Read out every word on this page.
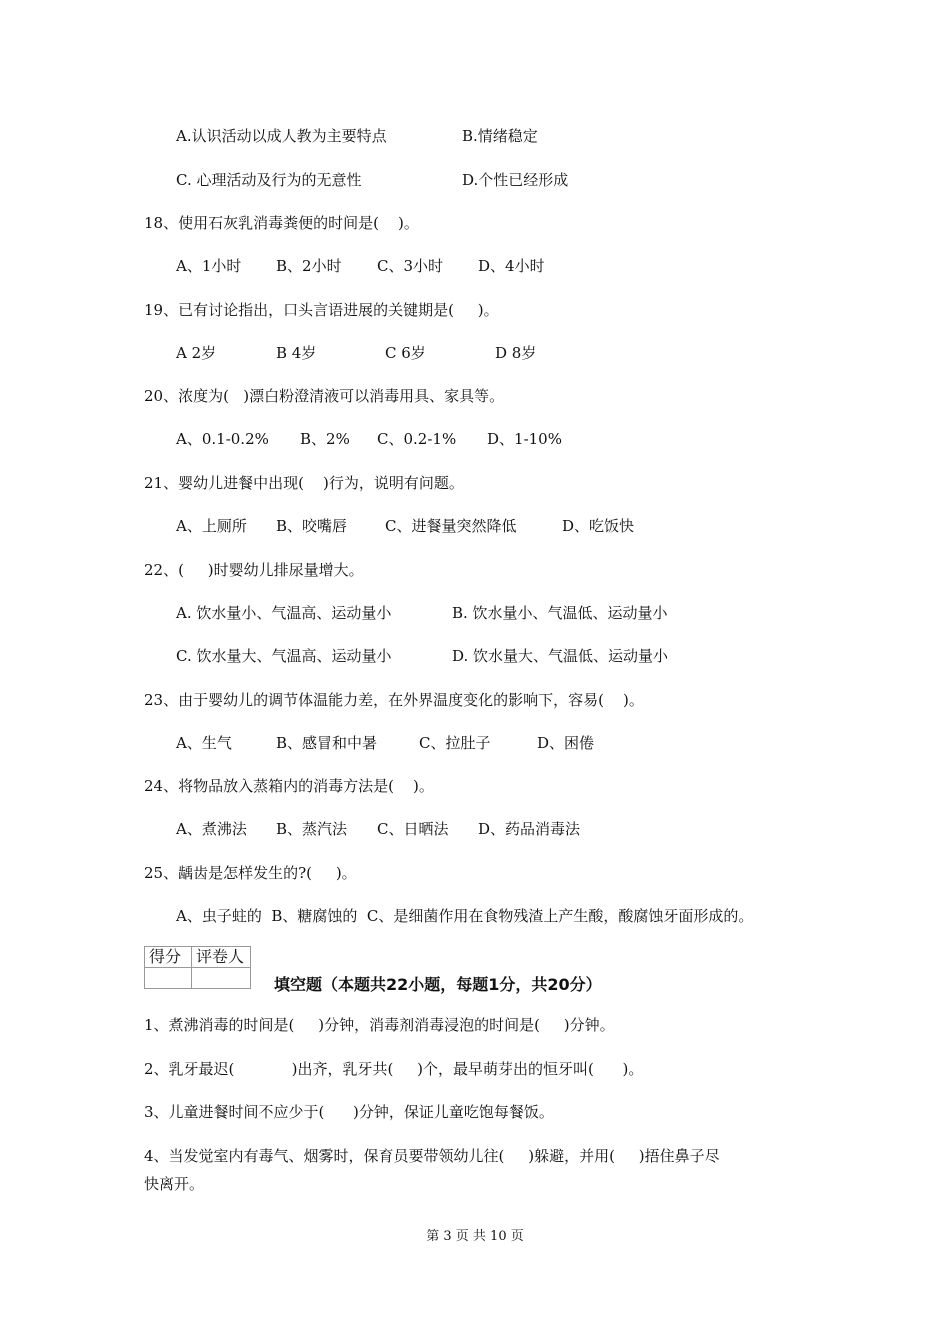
A.认识活动以成人教为主要特点	B.情绪稳定
C. 心理活动及行为的无意性	D.个性已经形成
18、使用石灰乳消毒粪便的时间是(    )。
A、1小时 B、2小时 C、3小时 D、4小时
19、已有讨论指出，口头言语进展的关键期是(     )。
A 2岁	B 4岁	C 6岁	D 8岁
20、浓度为(   )漂白粉澄清液可以消毒用具、家具等。
A、0.1-0.2% B、2% C、0.2-1% D、1-10%
21、婴幼儿进餐中出现(    )行为，说明有问题。
A、上厕所 B、咬嘴唇	C、进餐量突然降低	D、吃饭快
22、(     )时婴幼儿排尿量增大。
A. 饮水量小、气温高、运动量小	B. 饮水量小、气温低、运动量小
C. 饮水量大、气温高、运动量小	D. 饮水量大、气温低、运动量小
23、由于婴幼儿的调节体温能力差，在外界温度变化的影响下，容易(    )。
A、生气	B、感冒和中暑	C、拉肚子	D、困倦
24、将物品放入蒸箱内的消毒方法是(    )。
A、煮沸法 B、蒸汽法 C、日晒法 D、药品消毒法
25、龋齿是怎样发生的?(     )。
A、虫子蛀的  B、糖腐蚀的  C、是细菌作用在食物残渣上产生酸，酸腐蚀牙面形成的。
得分	评卷人

填空题（本题共22小题，每题1分，共20分）
1、煮沸消毒的时间是(     )分钟，消毒剂消毒浸泡的时间是(     )分钟。
2、乳牙最迟(            )出齐，乳牙共(     )个，最早萌芽出的恒牙叫(      )。
3、儿童进餐时间不应少于(      )分钟，保证儿童吃饱每餐饭。
4、当发觉室内有毒气、烟雾时，保育员要带领幼儿往(     )躲避，并用(     )捂住鼻子尽
快离开。
第 3 页 共 10 页
